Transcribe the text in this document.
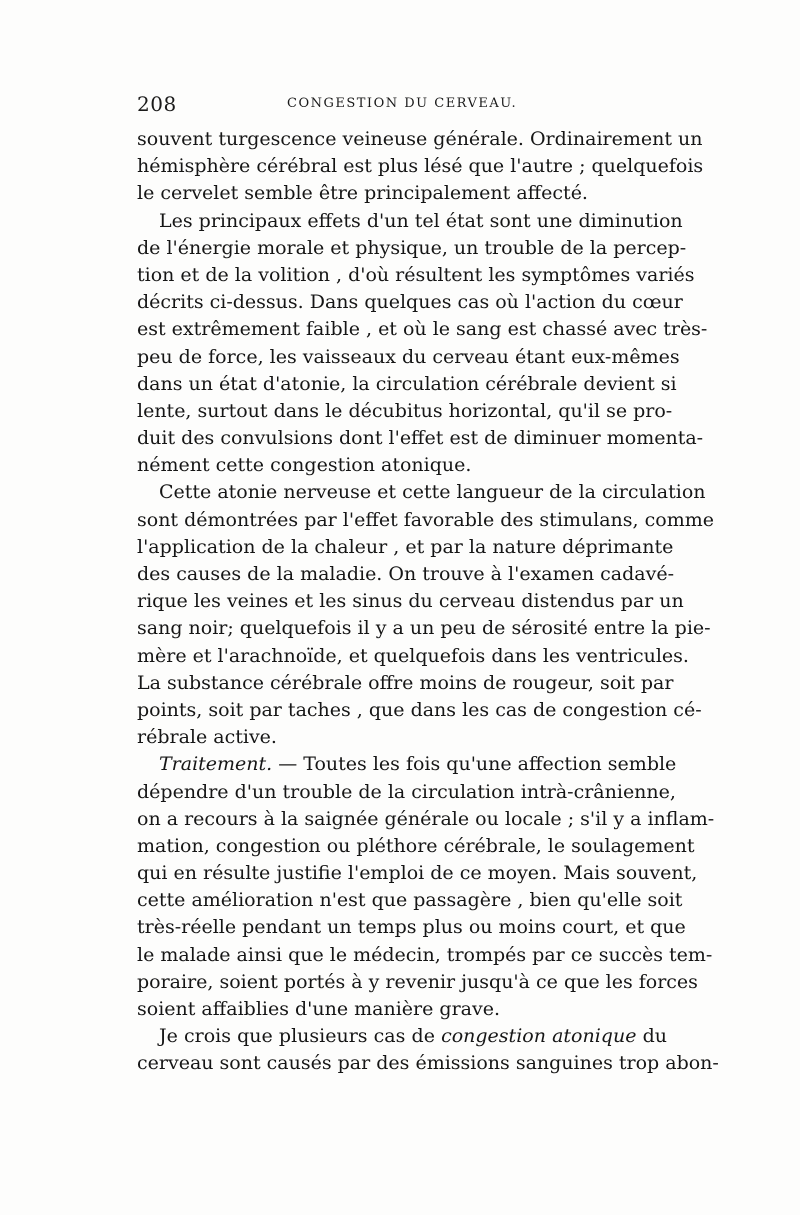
208	CONGESTION DU CERVEAU.
souvent turgescence veineuse générale. Ordinairement un
hémisphère cérébral est plus lésé que l'autre ; quelquefois
le cervelet semble être principalement affecté.
Les principaux effets d'un tel état sont une diminution
de l'énergie morale et physique, un trouble de la percep-
tion et de la volition , d'où résultent les symptômes variés
décrits ci-dessus. Dans quelques cas où l'action du cœur
est extrêmement faible , et où le sang est chassé avec très-
peu de force, les vaisseaux du cerveau étant eux-mêmes
dans un état d'atonie, la circulation cérébrale devient si
lente, surtout dans le décubitus horizontal, qu'il se pro-
duit des convulsions dont l'effet est de diminuer momenta-
nément cette congestion atonique.
Cette atonie nerveuse et cette langueur de la circulation
sont démontrées par l'effet favorable des stimulans, comme
l'application de la chaleur , et par la nature déprimante
des causes de la maladie. On trouve à l'examen cadavé-
rique les veines et les sinus du cerveau distendus par un
sang noir; quelquefois il y a un peu de sérosité entre la pie-
mère et l'arachnoïde, et quelquefois dans les ventricules.
La substance cérébrale offre moins de rougeur, soit par
points, soit par taches , que dans les cas de congestion cé-
rébrale active.
Traitement. — Toutes les fois qu'une affection semble
dépendre d'un trouble de la circulation intrà-crânienne,
on a recours à la saignée générale ou locale ; s'il y a inflam-
mation, congestion ou pléthore cérébrale, le soulagement
qui en résulte justifie l'emploi de ce moyen. Mais souvent,
cette amélioration n'est que passagère , bien qu'elle soit
très-réelle pendant un temps plus ou moins court, et que
le malade ainsi que le médecin, trompés par ce succès tem-
poraire, soient portés à y revenir jusqu'à ce que les forces
soient affaiblies d'une manière grave.
Je crois que plusieurs cas de congestion atonique du
cerveau sont causés par des émissions sanguines trop abon-
